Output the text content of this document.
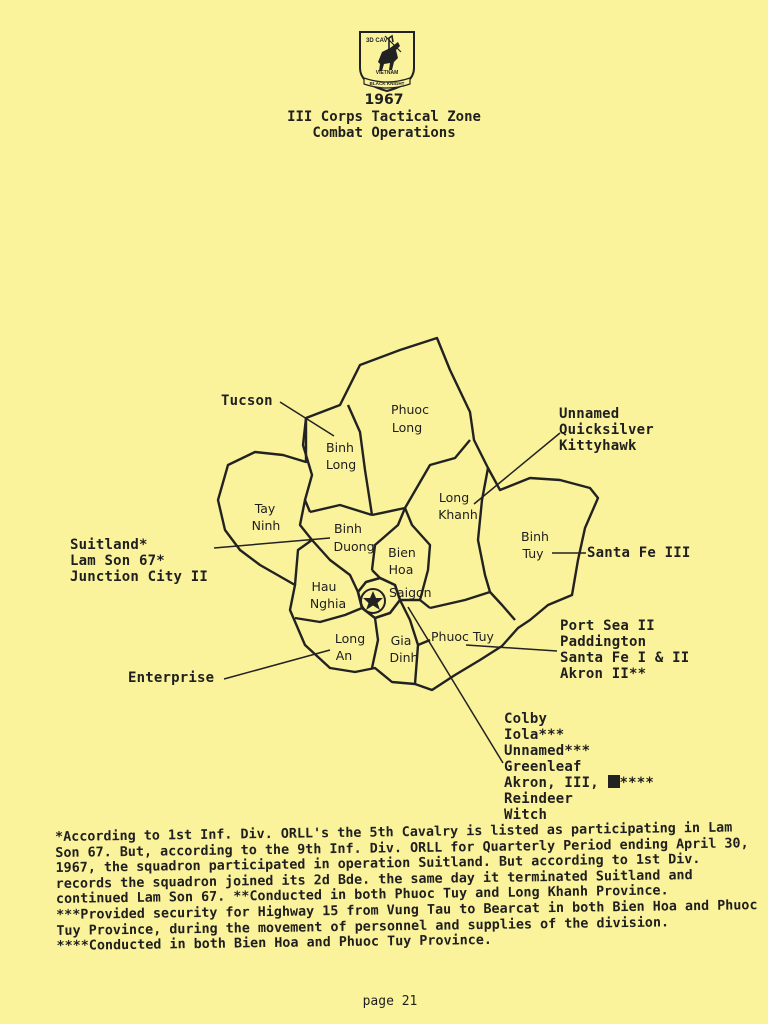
3D CAV
VIETNAM
BLACK KNIGHT
1967
III Corps Tactical Zone
Combat Operations
Phuoc Long
Binh Long
Tay Ninh	Binh Duong
Long Khanh
Binh Tuy
Bien Hoa
Hau Nghia
Saigon
Long An
Gia Dinh
Phuoc Tuy
Tucson
Unnamed
Quicksilver
Kittyhawk
Suitland*
Lam Son 67*
Junction City II
Santa Fe III
Port Sea II
Paddington
Santa Fe I & II
Akron II**
Enterprise
Colby
Iola***
Unnamed***
Greenleaf
Akron, III, ****
Reindeer
Witch
*According to 1st Inf. Div. ORLL's the 5th Cavalry is listed as participating in Lam Son 67. But, according to the 9th Inf. Div. ORLL for Quarterly Period ending April 30, 1967, the squadron participated in operation Suitland. But according to 1st Div. records the squadron joined its 2d Bde. the same day it terminated Suitland and continued Lam Son 67. **Conducted in both Phuoc Tuy and Long Khanh Province. ***Provided security for Highway 15 from Vung Tau to Bearcat in both Bien Hoa and Phuoc Tuy Province, during the movement of personnel and supplies of the division. ****Conducted in both Bien Hoa and Phuoc Tuy Province.
page 21
